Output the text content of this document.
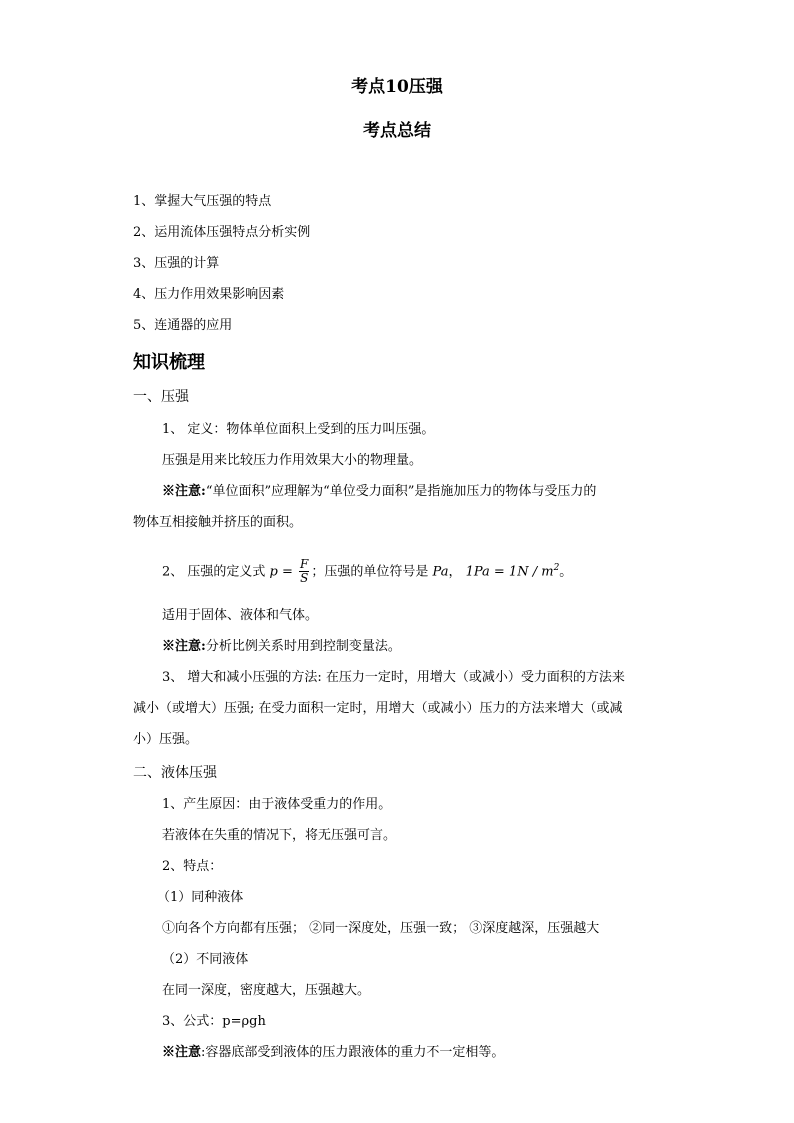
考点10压强
考点总结
1、掌握大气压强的特点
2、运用流体压强特点分析实例
3、压强的计算
4、压力作用效果影响因素
5、连通器的应用
知识梳理
一、压强
1、 定义：物体单位面积上受到的压力叫压强。
压强是用来比较压力作用效果大小的物理量。
※注意:“单位面积”应理解为“单位受力面积”是指施加压力的物体与受压力的
物体互相接触并挤压的面积。
2、 压强的定义式 $p = \frac{F}{S}$ ；压强的单位符号是 Pa， $1Pa = 1N / m^2$。
适用于固体、液体和气体。
※注意:分析比例关系时用到控制变量法。
3、 增大和减小压强的方法: 在压力一定时，用增大（或减小）受力面积的方法来
减小（或增大）压强; 在受力面积一定时，用增大（或减小）压力的方法来增大（或减
小）压强。
二、液体压强
1、产生原因：由于液体受重力的作用。
若液体在失重的情况下，将无压强可言。
2、特点：
（1）同种液体
①向各个方向都有压强； ②同一深度处，压强一致； ③深度越深，压强越大
（2）不同液体
在同一深度，密度越大，压强越大。
3、公式：p=ρgh
※注意:容器底部受到液体的压力跟液体的重力不一定相等。
